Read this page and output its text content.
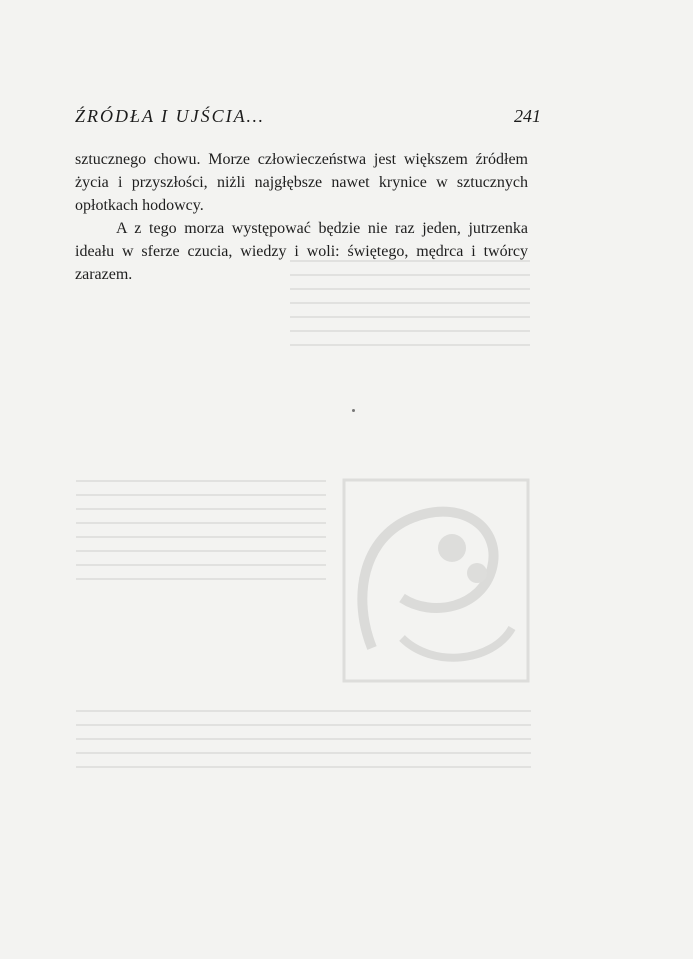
ŹRÓDŁA I UJŚCIA…	241

sztucznego chowu. Morze człowieczeństwa jest większem źródłem życia i przyszłości, niżli najgłębsze nawet krynice w sztucznych opłotkach hodowcy.

A z tego morza występować będzie nie raz jeden, jutrzenka ideału w sferze czucia, wiedzy i woli: świętego, mędrca i twórcy zarazem.
